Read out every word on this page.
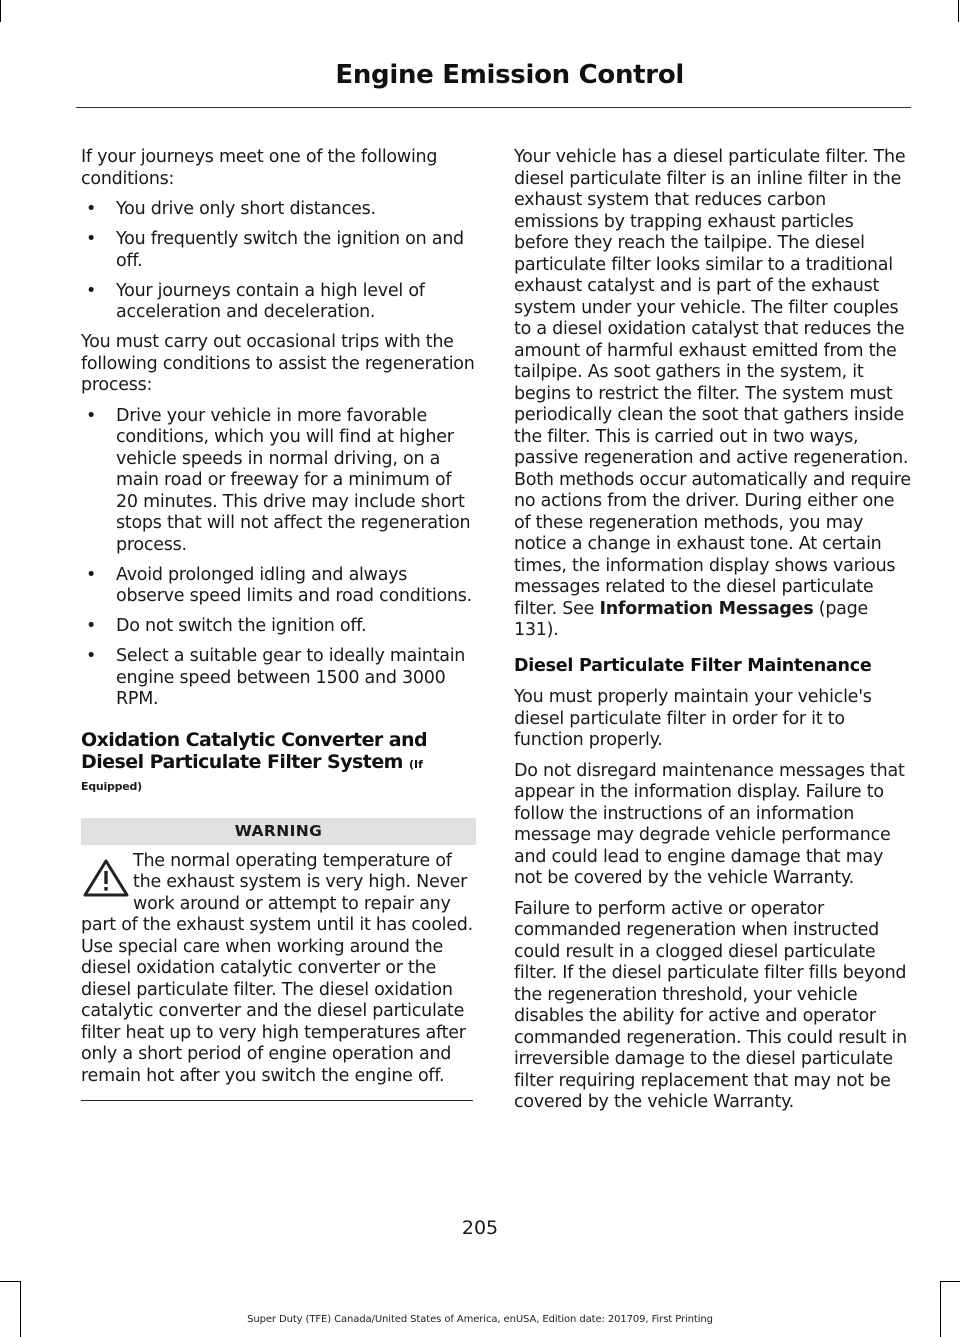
Engine Emission Control

If your journeys meet one of the following conditions:

• You drive only short distances.
• You frequently switch the ignition on and off.
• Your journeys contain a high level of acceleration and deceleration.

You must carry out occasional trips with the following conditions to assist the regeneration process:

• Drive your vehicle in more favorable conditions, which you will find at higher vehicle speeds in normal driving, on a main road or freeway for a minimum of 20 minutes. This drive may include short stops that will not affect the regeneration process.
• Avoid prolonged idling and always observe speed limits and road conditions.
• Do not switch the ignition off.
• Select a suitable gear to ideally maintain engine speed between 1500 and 3000 RPM.
Oxidation Catalytic Converter and Diesel Particulate Filter System (If
Equipped)
WARNING
The normal operating temperature of the exhaust system is very high. Never work around or attempt to repair any part of the exhaust system until it has cooled. Use special care when working around the diesel oxidation catalytic converter or the diesel particulate filter. The diesel oxidation catalytic converter and the diesel particulate filter heat up to very high temperatures after only a short period of engine operation and remain hot after you switch the engine off.

Your vehicle has a diesel particulate filter. The diesel particulate filter is an inline filter in the exhaust system that reduces carbon emissions by trapping exhaust particles before they reach the tailpipe. The diesel particulate filter looks similar to a traditional exhaust catalyst and is part of the exhaust system under your vehicle. The filter couples to a diesel oxidation catalyst that reduces the amount of harmful exhaust emitted from the tailpipe. As soot gathers in the system, it begins to restrict the filter. The system must periodically clean the soot that gathers inside the filter. This is carried out in two ways, passive regeneration and active regeneration. Both methods occur automatically and require no actions from the driver. During either one of these regeneration methods, you may notice a change in exhaust tone. At certain times, the information display shows various messages related to the diesel particulate filter. See Information Messages (page 131).

Diesel Particulate Filter Maintenance

You must properly maintain your vehicle's diesel particulate filter in order for it to function properly.

Do not disregard maintenance messages that appear in the information display. Failure to follow the instructions of an information message may degrade vehicle performance and could lead to engine damage that may not be covered by the vehicle Warranty.

Failure to perform active or operator commanded regeneration when instructed could result in a clogged diesel particulate filter. If the diesel particulate filter fills beyond the regeneration threshold, your vehicle disables the ability for active and operator commanded regeneration. This could result in irreversible damage to the diesel particulate filter requiring replacement that may not be covered by the vehicle Warranty.

205
Super Duty (TFE) Canada/United States of America, enUSA, Edition date: 201709, First Printing
